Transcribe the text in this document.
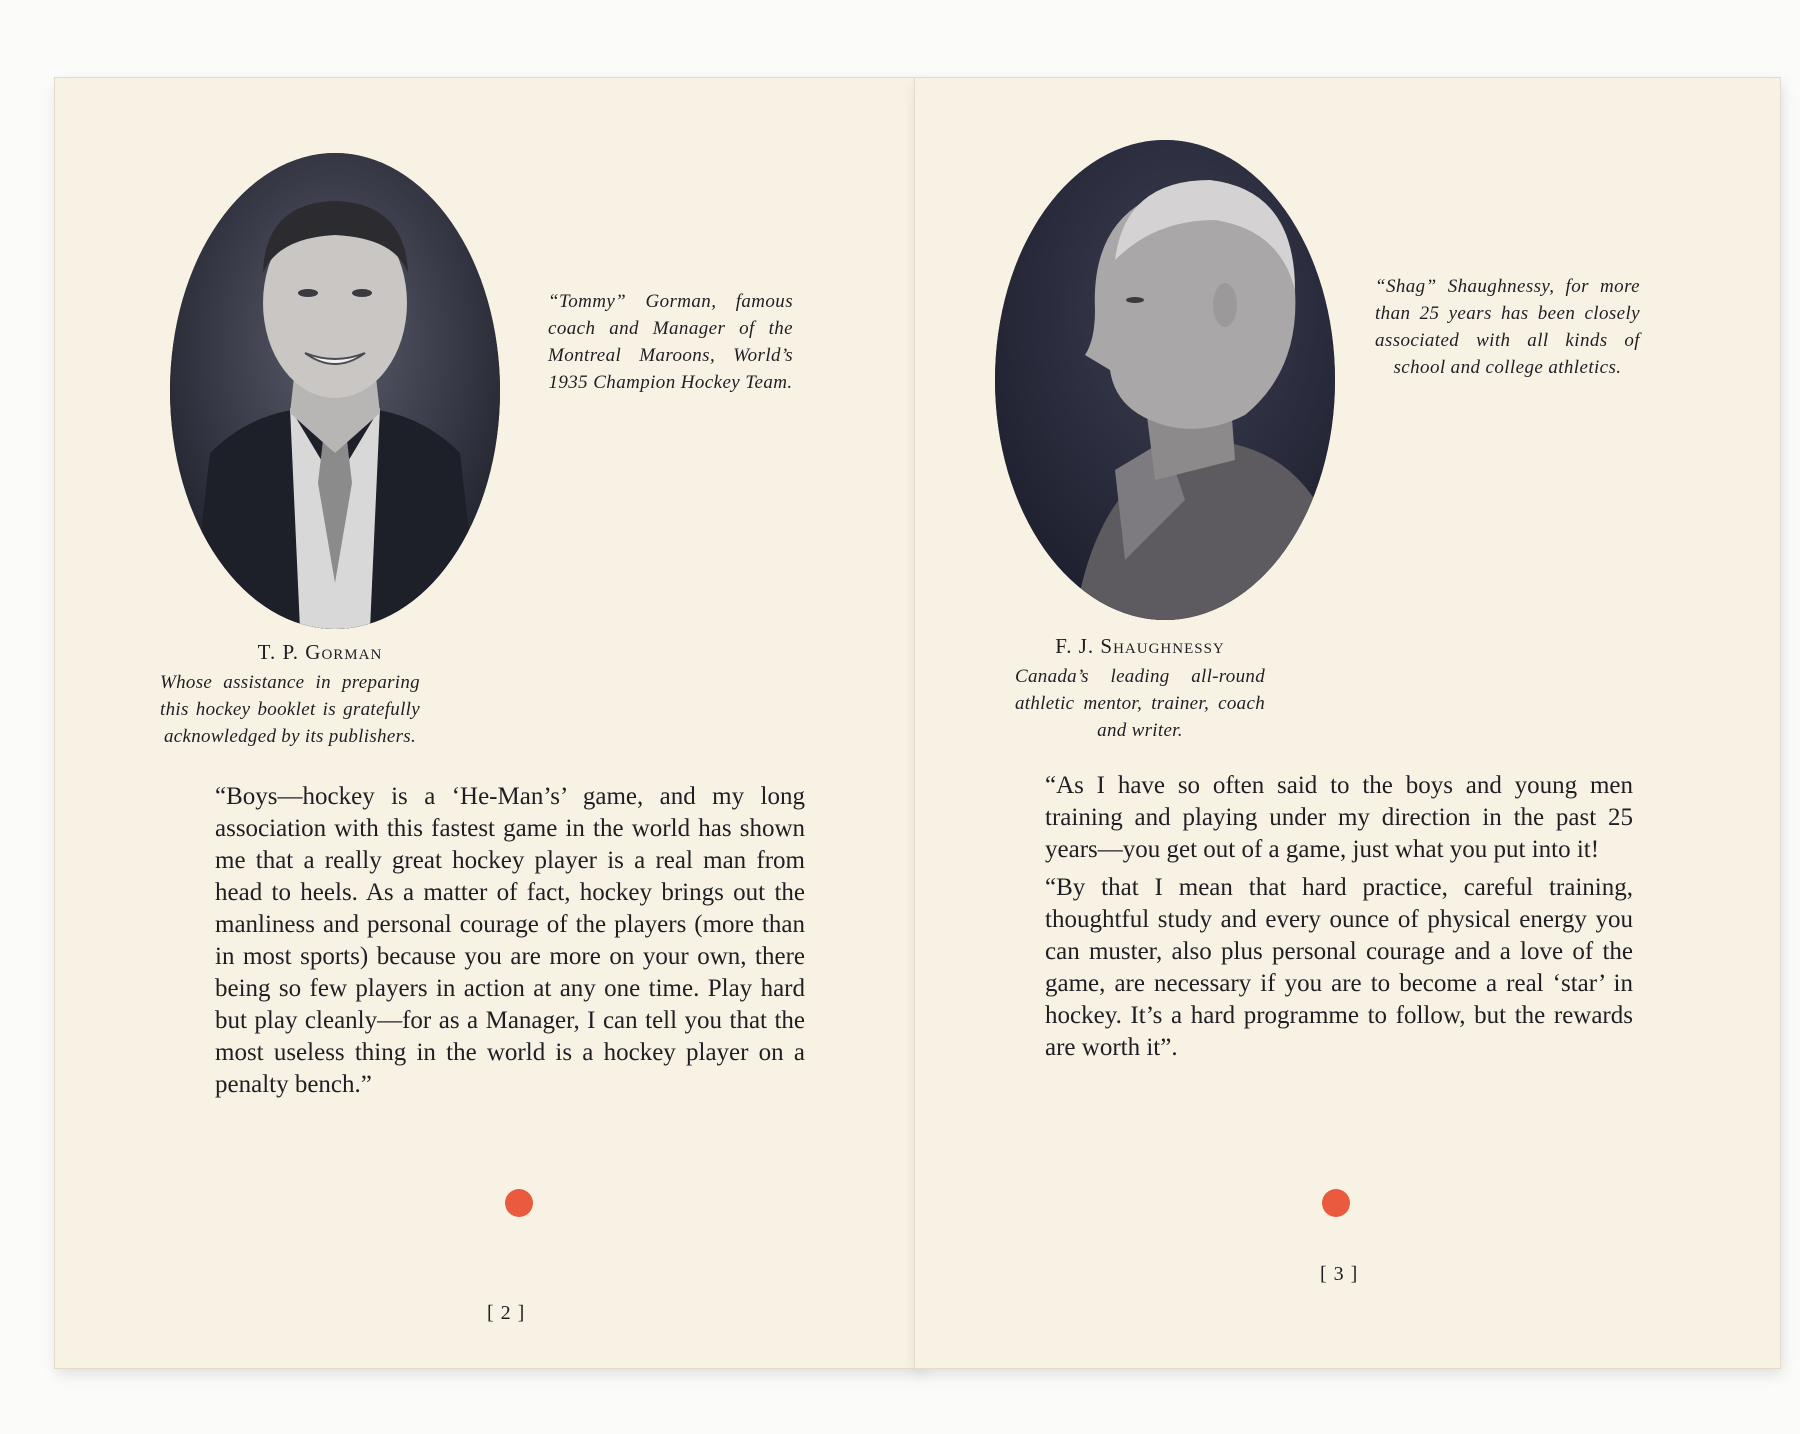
“Tommy” Gorman, famous coach and Manager of the Montreal Maroons, World’s 1935 Champion Hockey Team.
T. P. Gorman
Whose assistance in preparing this hockey booklet is gratefully acknowledged by its publishers.
“Boys—hockey is a ‘He-Man’s’ game, and my long association with this fastest game in the world has shown me that a really great hockey player is a real man from head to heels. As a matter of fact, hockey brings out the manliness and personal courage of the players (more than in most sports) because you are more on your own, there being so few players in action at any one time. Play hard but play cleanly—for as a Manager, I can tell you that the most useless thing in the world is a hockey player on a penalty bench.”
[ 2 ]
“Shag” Shaughnessy, for more than 25 years has been closely associated with all kinds of school and college athletics.
F. J. Shaughnessy
Canada’s leading all-round athletic mentor, trainer, coach and writer.

“As I have so often said to the boys and young men training and playing under my direction in the past 25 years—you get out of a game, just what you put into it!

“By that I mean that hard practice, careful training, thoughtful study and every ounce of physical energy you can muster, also plus personal courage and a love of the game, are necessary if you are to become a real ‘star’ in hockey. It’s a hard programme to follow, but the rewards are worth it”.

[ 3 ]
